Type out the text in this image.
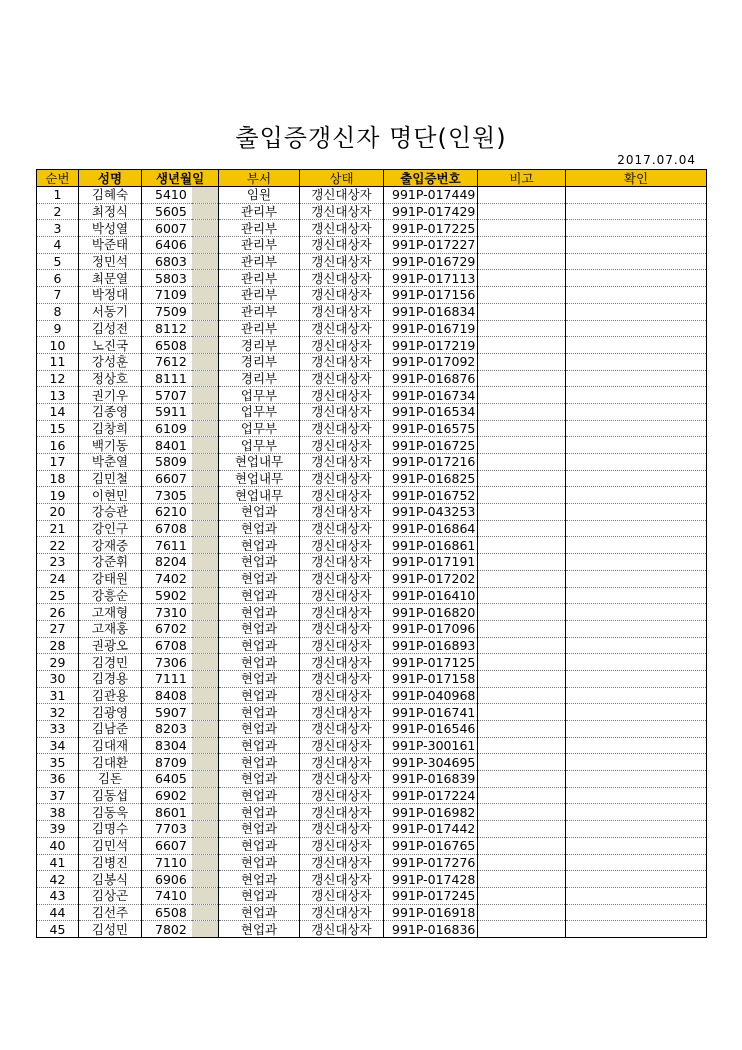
출입증갱신자 명단(인원)
2017.07.04
순번	성명	생년월일		부서	상태	출입증번호	비고	확인
1	김혜숙	5410		임원	갱신대상자	991P-017449		
2	최정식	5605		관리부	갱신대상자	991P-017429		
3	박성열	6007		관리부	갱신대상자	991P-017225		
4	박준태	6406		관리부	갱신대상자	991P-017227		
5	정민석	6803		관리부	갱신대상자	991P-016729		
6	최문열	5803		관리부	갱신대상자	991P-017113		
7	박정대	7109		관리부	갱신대상자	991P-017156		
8	서동기	7509		관리부	갱신대상자	991P-016834		
9	김성전	8112		관리부	갱신대상자	991P-016719		
10	노진국	6508		경리부	갱신대상자	991P-017219		
11	강성훈	7612		경리부	갱신대상자	991P-017092		
12	정상호	8111		경리부	갱신대상자	991P-016876		
13	권기우	5707		업무부	갱신대상자	991P-016734		
14	김종영	5911		업무부	갱신대상자	991P-016534		
15	김창희	6109		업무부	갱신대상자	991P-016575		
16	백기동	8401		업무부	갱신대상자	991P-016725		
17	박춘열	5809		현업내무	갱신대상자	991P-017216		
18	김민철	6607		현업내무	갱신대상자	991P-016825		
19	이현민	7305		현업내무	갱신대상자	991P-016752		
20	강승관	6210		현업과	갱신대상자	991P-043253		
21	강인구	6708		현업과	갱신대상자	991P-016864		
22	강재중	7611		현업과	갱신대상자	991P-016861		
23	강준휘	8204		현업과	갱신대상자	991P-017191		
24	강태원	7402		현업과	갱신대상자	991P-017202		
25	강흥순	5902		현업과	갱신대상자	991P-016410		
26	고재형	7310		현업과	갱신대상자	991P-016820		
27	고재홍	6702		현업과	갱신대상자	991P-017096		
28	권광오	6708		현업과	갱신대상자	991P-016893		
29	김경민	7306		현업과	갱신대상자	991P-017125		
30	김경용	7111		현업과	갱신대상자	991P-017158		
31	김관용	8408		현업과	갱신대상자	991P-040968		
32	김광영	5907		현업과	갱신대상자	991P-016741		
33	김남준	8203		현업과	갱신대상자	991P-016546		
34	김대재	8304		현업과	갱신대상자	991P-300161		
35	김대환	8709		현업과	갱신대상자	991P-304695		
36	김돈	6405		현업과	갱신대상자	991P-016839		
37	김동섭	6902		현업과	갱신대상자	991P-017224		
38	김동욱	8601		현업과	갱신대상자	991P-016982		
39	김명수	7703		현업과	갱신대상자	991P-017442		
40	김민석	6607		현업과	갱신대상자	991P-016765		
41	김병진	7110		현업과	갱신대상자	991P-017276		
42	김봉식	6906		현업과	갱신대상자	991P-017428		
43	김상곤	7410		현업과	갱신대상자	991P-017245		
44	김선주	6508		현업과	갱신대상자	991P-016918		
45	김성민	7802		현업과	갱신대상자	991P-016836		
